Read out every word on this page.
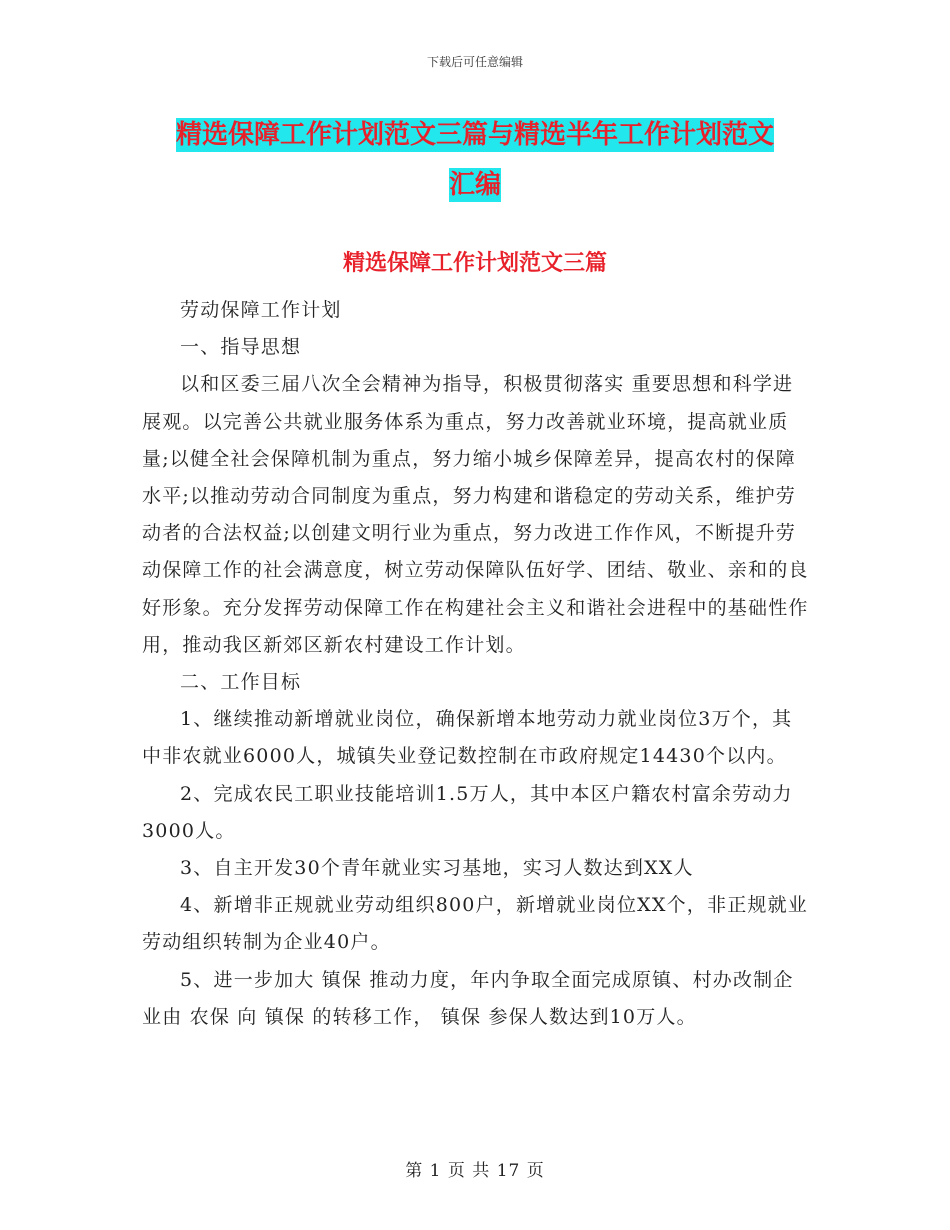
下载后可任意编辑
精选保障工作计划范文三篇与精选半年工作计划范文
汇编
精选保障工作计划范文三篇

劳动保障工作计划

一、指导思想

以和区委三届八次全会精神为指导，积极贯彻落实 重要思想和科学进展观。以完善公共就业服务体系为重点，努力改善就业环境，提高就业质量;以健全社会保障机制为重点，努力缩小城乡保障差异，提高农村的保障水平;以推动劳动合同制度为重点，努力构建和谐稳定的劳动关系，维护劳动者的合法权益;以创建文明行业为重点，努力改进工作作风，不断提升劳动保障工作的社会满意度，树立劳动保障队伍好学、团结、敬业、亲和的良好形象。充分发挥劳动保障工作在构建社会主义和谐社会进程中的基础性作用，推动我区新郊区新农村建设工作计划。

二、工作目标

1、继续推动新增就业岗位，确保新增本地劳动力就业岗位3万个，其中非农就业6000人，城镇失业登记数控制在市政府规定14430个以内。

2、完成农民工职业技能培训1.5万人，其中本区户籍农村富余劳动力3000人。

3、自主开发30个青年就业实习基地，实习人数达到XX人

4、新增非正规就业劳动组织800户，新增就业岗位XX个，非正规就业劳动组织转制为企业40户。

5、进一步加大 镇保 推动力度，年内争取全面完成原镇、村办改制企业由 农保 向 镇保 的转移工作， 镇保 参保人数达到10万人。

第 1 页 共 17 页
